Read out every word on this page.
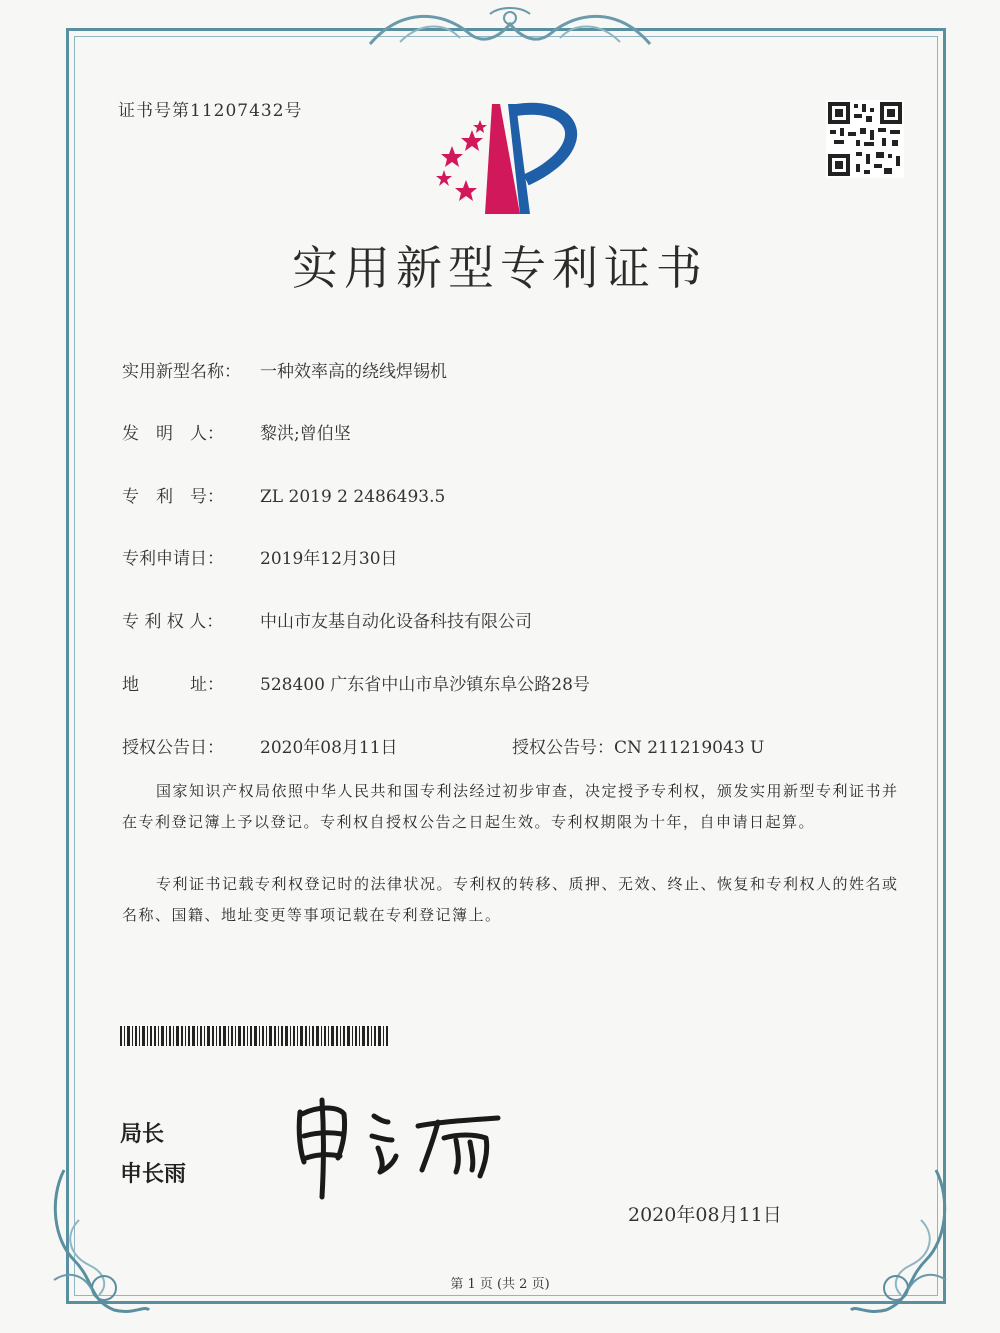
证书号第11207432号
实用新型专利证书
实用新型名称： 一种效率高的绕线焊锡机
发　明　人： 黎洪;曾伯坚
专　利　号： ZL 2019 2 2486493.5
专利申请日： 2019年12月30日
专 利 权 人： 中山市友基自动化设备科技有限公司
地　　　址： 528400 广东省中山市阜沙镇东阜公路28号
授权公告日： 2020年08月11日	授权公告号：CN 211219043 U
国家知识产权局依照中华人民共和国专利法经过初步审查，决定授予专利权，颁发实用新型专利证书并在专利登记簿上予以登记。专利权自授权公告之日起生效。专利权期限为十年，自申请日起算。
专利证书记载专利权登记时的法律状况。专利权的转移、质押、无效、终止、恢复和专利权人的姓名或名称、国籍、地址变更等事项记载在专利登记簿上。
局长
申长雨
2020年08月11日
第 1 页 (共 2 页)
